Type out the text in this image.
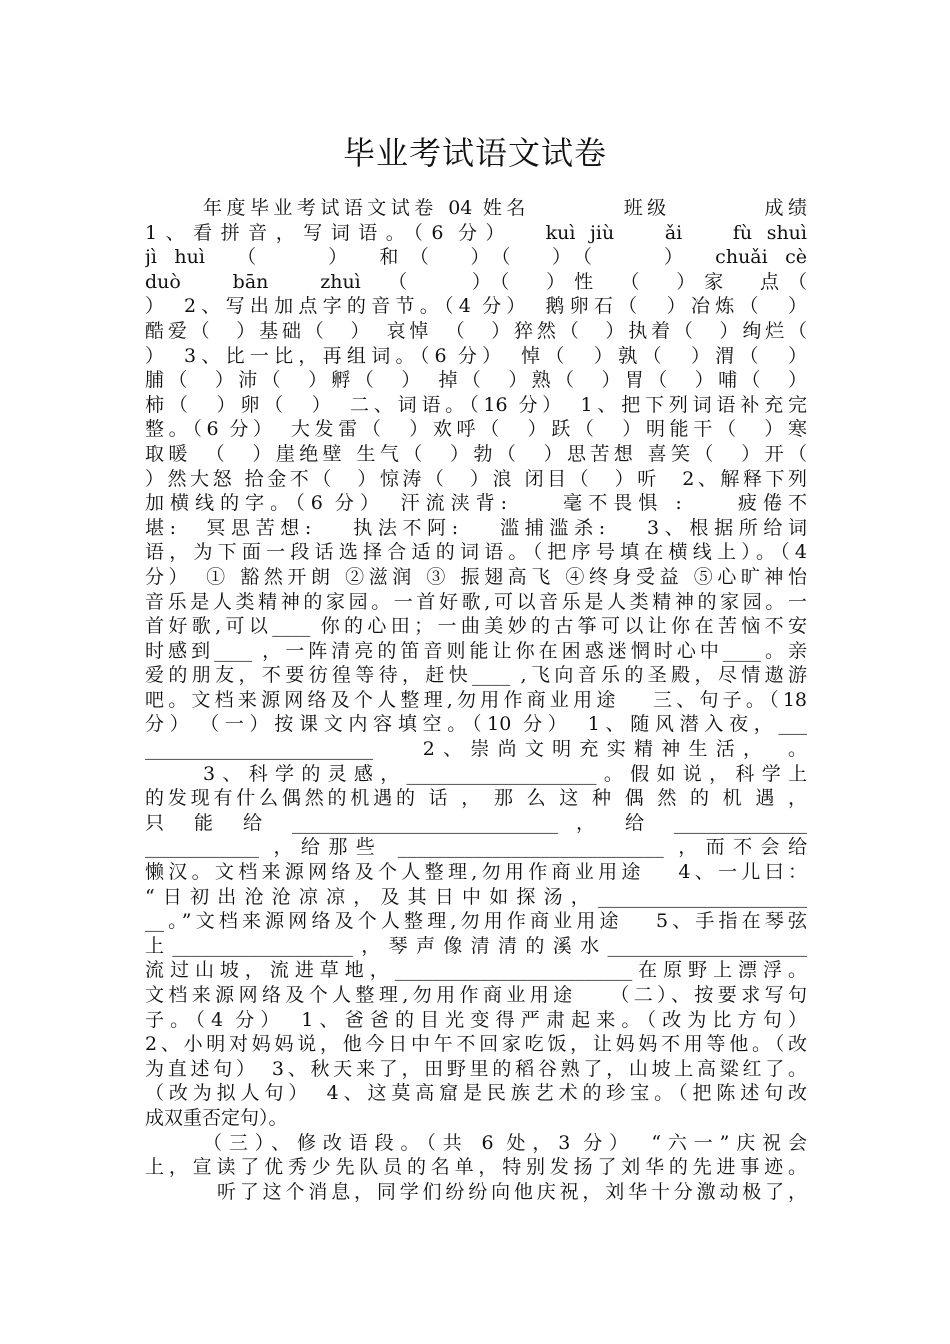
毕业考试语文试卷
年度毕业考试语文试卷 04 姓名　　　　班级　　　　成绩
1、看拼音，写词语。（6 分）　 kuì jiù　 ǎi　 fù shuì
jì huì　（　　）　和（　）（　）（　　）　chuǎi cè
duò　 bān　 zhuì　（　　）（　）性　（　）家　点（
）　2、写出加点字的音节。（4 分）　鹅卵石（　）冶炼（　）
酷爱（　）基础（　）　哀悼　（　）猝然（　）执着（　）绚烂（
）　3、比一比，再组词。（6 分）　悼（　）孰（　）渭（　）
脯（　）沛（　）孵（　）　掉（　）熟（　）胃（　）哺（　）
柿（　）卵（　）　二、词语。（16 分）　1、把下列词语补充完
整。（6 分）　大发雷（　）欢呼（　）跃（　）明能干（　）寒
取暖　（　）崖绝壁 生气（　）勃（　）思苦想 喜笑（　）开（
）然大怒 拾金不（　）惊涛（　）浪 闭目（　）听　2、解释下列
加横线的字。（6 分）　汗流浃背:　　毫不畏惧 :　　疲倦不
堪:　冥思苦想:　 执法不阿:　 滥捕滥杀:　 3、根据所给词
语，为下面一段话选择合适的词语。（把序号填在横线上）。（4
分）　① 豁然开朗 ②滋润 ③ 振翅高飞 ④终身受益 ⑤心旷神怡
音乐是人类精神的家园。一首好歌,可以音乐是人类精神的家园。一
首好歌,可以____ 你的心田；一曲美妙的古筝可以让你在苦恼不安
时感到____ ，一阵清亮的笛音则能让你在困惑迷惘时心中____。亲
爱的朋友，不要彷徨等待，赶快____ ,飞向音乐的圣殿，尽情遨游
吧。文档来源网络及个人整理,勿用作商业用途　 三、句子。（18
分）　（一）按课文内容填空。（10 分）　1、随风潜入夜，___
________________________　 2、崇尚文明充实精神生活，　。
3、科学的灵感，____________________。假如说，科学上
的发现有什么偶然的机遇的 话 ， 那 么 这 种 偶 然 的 机 遇 ，
只 能 给 ____________________________ ， 给 ______________
____________ ，给那些 ____________________________ ，而不会给
懒汉。文档来源网络及个人整理,勿用作商业用途　 4、一儿曰：
“日初出沧沧凉凉，及其日中如探汤，______________________
__。”文档来源网络及个人整理,勿用作商业用途　 5、手指在琴弦
上___________________，琴声像清清的溪水_____________________
流过山坡，流进草地，_________________________在原野上漂浮。
文档来源网络及个人整理,勿用作商业用途　 （二）、按要求写句
子。（4 分）　1、爸爸的目光变得严肃起来。（改为比方句）
2、小明对妈妈说，他今日中午不回家吃饭，让妈妈不用等他。（改
为直述句）　3、秋天来了，田野里的稻谷熟了，山坡上高粱红了。
（改为拟人句）　4、这莫高窟是民族艺术的珍宝。（把陈述句改
成双重否定句）。
（三）、修改语段。（共 6 处，3 分）　“六一”庆祝会
上，宣读了优秀少先队员的名单，特别发扬了刘华的先进事迹。
听了这个消息，同学们纷纷向他庆祝，刘华十分激动极了，
